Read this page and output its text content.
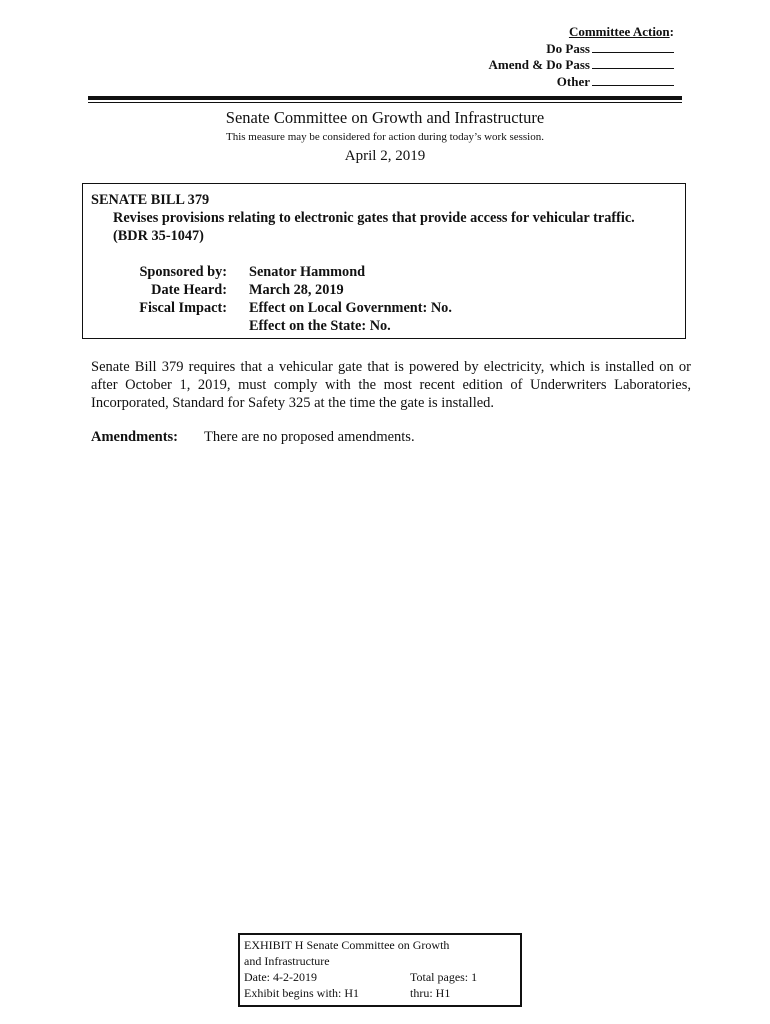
Committee Action:
Do Pass
Amend & Do Pass
Other
Senate Committee on Growth and Infrastructure
This measure may be considered for action during today’s work session.
April 2, 2019
SENATE BILL 379
Revises provisions relating to electronic gates that provide access for vehicular traffic.
(BDR 35-1047)
Sponsored by: Senator Hammond
Date Heard: March 28, 2019
Fiscal Impact: Effect on Local Government: No.
Effect on the State: No.
Senate Bill 379 requires that a vehicular gate that is powered by electricity, which is installed on or after October 1, 2019, must comply with the most recent edition of Underwriters Laboratories, Incorporated, Standard for Safety 325 at the time the gate is installed.
Amendments: There are no proposed amendments.
EXHIBIT H Senate Committee on Growth
and Infrastructure
Date: 4-2-2019	Total pages: 1
Exhibit begins with: H1	thru: H1
